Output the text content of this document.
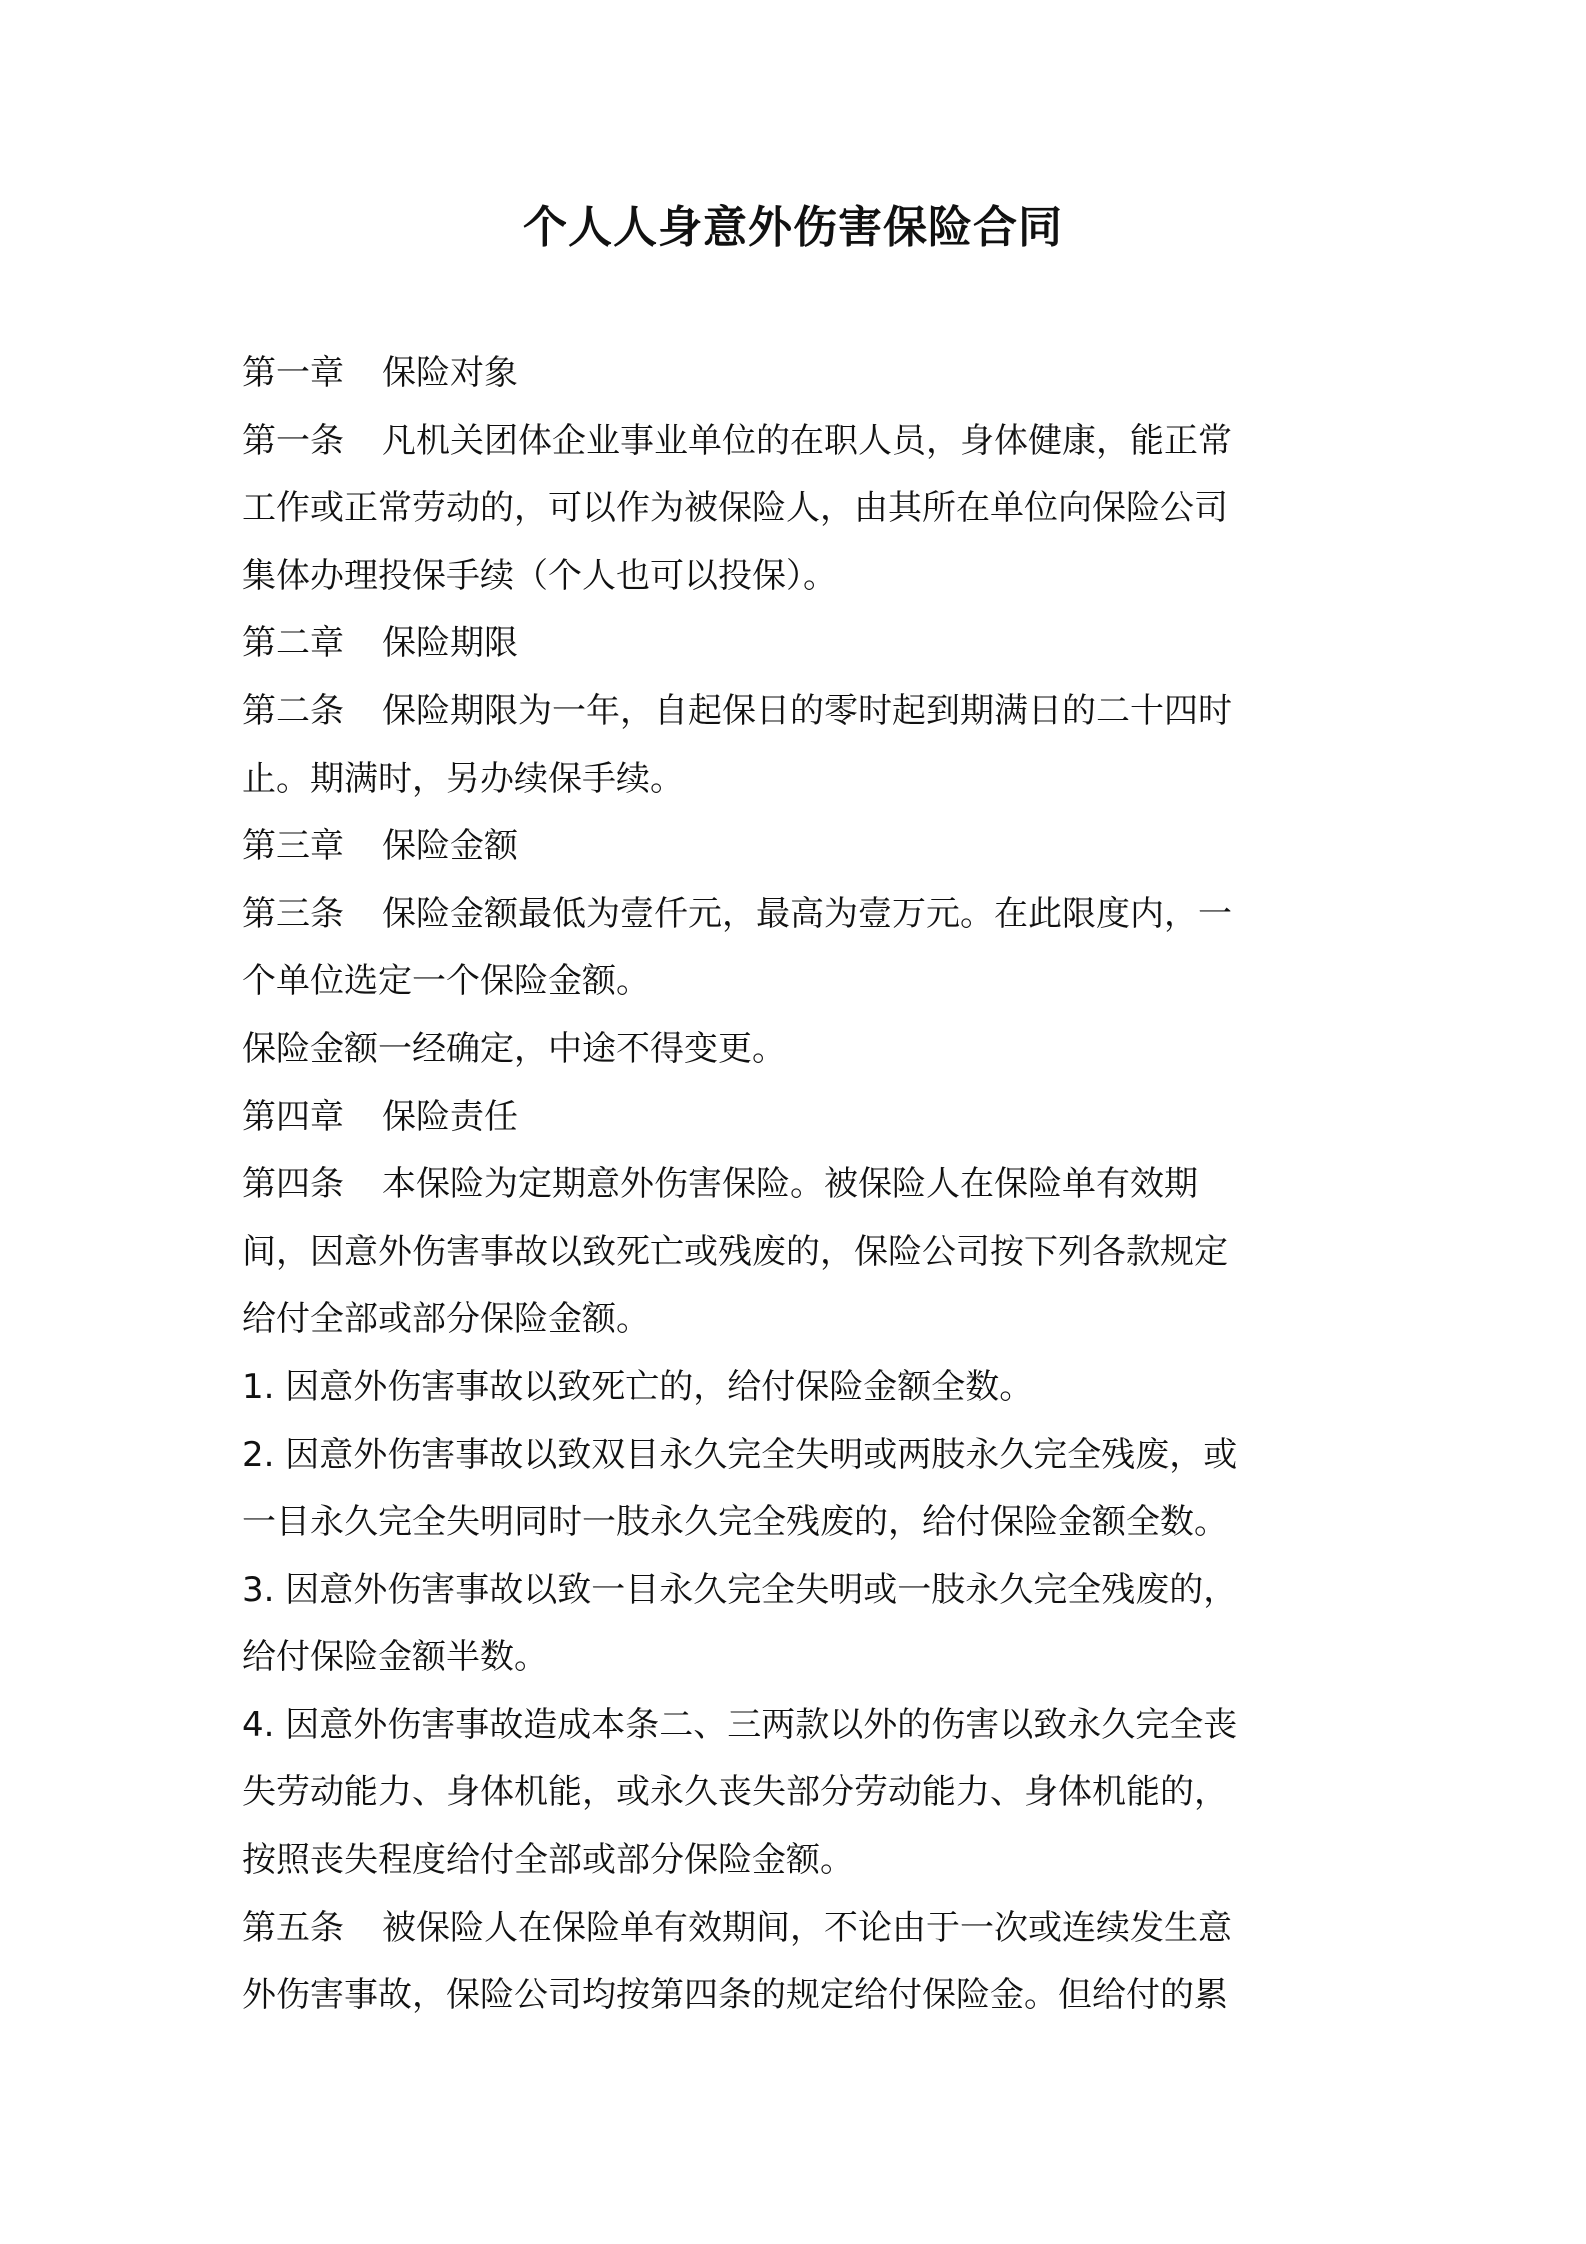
个人人身意外伤害保险合同
第一章 保险对象
第一条 凡机关团体企业事业单位的在职人员，身体健康，能正常
工作或正常劳动的，可以作为被保险人，由其所在单位向保险公司
集体办理投保手续（个人也可以投保）。
第二章 保险期限
第二条 保险期限为一年，自起保日的零时起到期满日的二十四时
止。期满时，另办续保手续。
第三章 保险金额
第三条 保险金额最低为壹仟元，最高为壹万元。在此限度内，一
个单位选定一个保险金额。
保险金额一经确定，中途不得变更。
第四章 保险责任
第四条 本保险为定期意外伤害保险。被保险人在保险单有效期
间，因意外伤害事故以致死亡或残废的，保险公司按下列各款规定
给付全部或部分保险金额。
1. 因意外伤害事故以致死亡的，给付保险金额全数。
2. 因意外伤害事故以致双目永久完全失明或两肢永久完全残废，或
一目永久完全失明同时一肢永久完全残废的，给付保险金额全数。
3. 因意外伤害事故以致一目永久完全失明或一肢永久完全残废的，
给付保险金额半数。
4. 因意外伤害事故造成本条二、三两款以外的伤害以致永久完全丧
失劳动能力、身体机能，或永久丧失部分劳动能力、身体机能的，
按照丧失程度给付全部或部分保险金额。
第五条 被保险人在保险单有效期间，不论由于一次或连续发生意
外伤害事故，保险公司均按第四条的规定给付保险金。但给付的累
